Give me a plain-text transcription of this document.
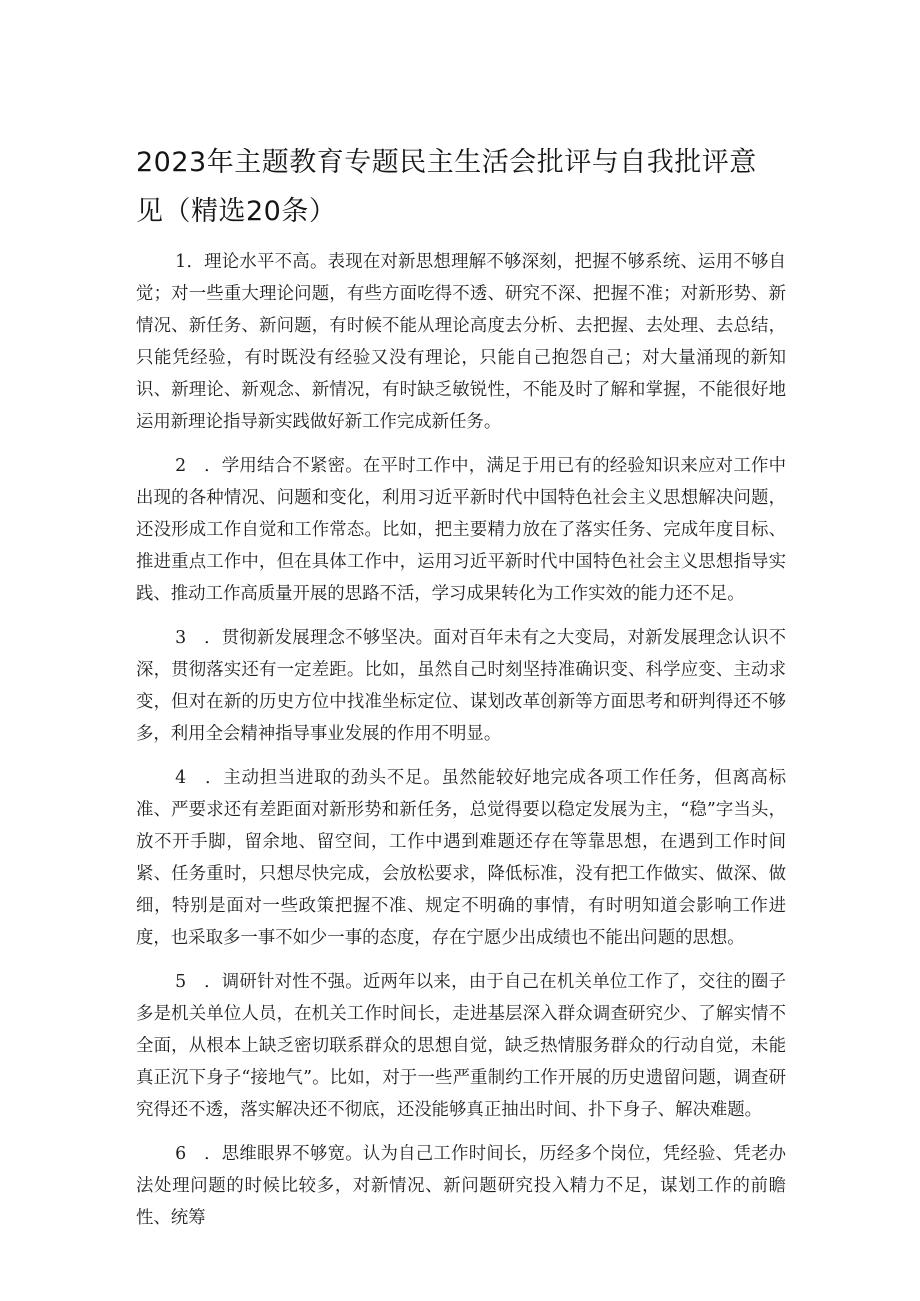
2023年主题教育专题民主生活会批评与自我批评意见（精选20条）

1．理论水平不高。表现在对新思想理解不够深刻，把握不够系统、运用不够自觉；对一些重大理论问题，有些方面吃得不透、研究不深、把握不准；对新形势、新情况、新任务、新问题，有时候不能从理论高度去分析、去把握、去处理、去总结，只能凭经验，有时既没有经验又没有理论，只能自己抱怨自己；对大量涌现的新知识、新理论、新观念、新情况，有时缺乏敏锐性，不能及时了解和掌握，不能很好地运用新理论指导新实践做好新工作完成新任务。

2　．学用结合不紧密。在平时工作中，满足于用已有的经验知识来应对工作中出现的各种情况、问题和变化，利用习近平新时代中国特色社会主义思想解决问题，还没形成工作自觉和工作常态。比如，把主要精力放在了落实任务、完成年度目标、推进重点工作中，但在具体工作中，运用习近平新时代中国特色社会主义思想指导实践、推动工作高质量开展的思路不活，学习成果转化为工作实效的能力还不足。

3　．贯彻新发展理念不够坚决。面对百年未有之大变局，对新发展理念认识不深，贯彻落实还有一定差距。比如，虽然自己时刻坚持准确识变、科学应变、主动求变，但对在新的历史方位中找准坐标定位、谋划改革创新等方面思考和研判得还不够多，利用全会精神指导事业发展的作用不明显。

4　．主动担当进取的劲头不足。虽然能较好地完成各项工作任务，但离高标准、严要求还有差距面对新形势和新任务，总觉得要以稳定发展为主，“稳”字当头，放不开手脚，留余地、留空间，工作中遇到难题还存在等靠思想，在遇到工作时间紧、任务重时，只想尽快完成，会放松要求，降低标准，没有把工作做实、做深、做细，特别是面对一些政策把握不准、规定不明确的事情，有时明知道会影响工作进度，也采取多一事不如少一事的态度，存在宁愿少出成绩也不能出问题的思想。

5　．调研针对性不强。近两年以来，由于自己在机关单位工作了，交往的圈子多是机关单位人员，在机关工作时间长，走进基层深入群众调查研究少、了解实情不全面，从根本上缺乏密切联系群众的思想自觉，缺乏热情服务群众的行动自觉，未能真正沉下身子“接地气”。比如，对于一些严重制约工作开展的历史遗留问题，调查研究得还不透，落实解决还不彻底，还没能够真正抽出时间、扑下身子、解决难题。

6　．思维眼界不够宽。认为自己工作时间长，历经多个岗位，凭经验、凭老办法处理问题的时候比较多，对新情况、新问题研究投入精力不足，谋划工作的前瞻性、统筹
